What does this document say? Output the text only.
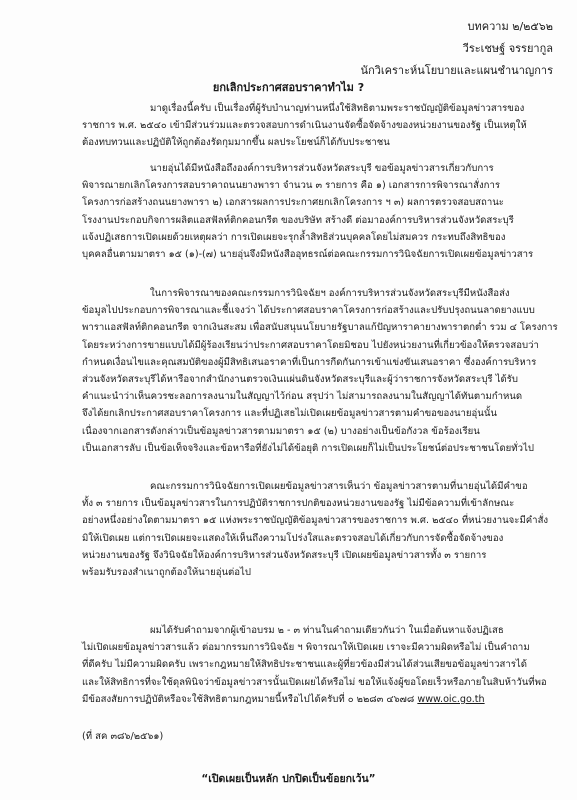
บทความ ๒/๒๕๖๒
วีระเชษฐ์ จรรยากูล
นักวิเคราะห์นโยบายและแผนชำนาญการ
ยกเลิกประกาศสอบราคาทำไม ?

มาดูเรื่องนี้ครับ เป็นเรื่องที่ผู้รับบำนาญท่านหนึ่งใช้สิทธิตามพระราชบัญญัติข้อมูลข่าวสารของ
ราชการ พ.ศ. ๒๕๔๐ เข้ามีส่วนร่วมและตรวจสอบการดำเนินงานจัดซื้อจัดจ้างของหน่วยงานของรัฐ เป็นเหตุให้
ต้องทบทวนและปฏิบัติให้ถูกต้องรัดกุมมากขึ้น ผลประโยชน์ก็ได้กับประชาชน

นายอุ่นได้มีหนังสือถึงองค์การบริหารส่วนจังหวัดสระบุรี ขอข้อมูลข่าวสารเกี่ยวกับการ
พิจารณายกเลิกโครงการสอบราคาถนนยางพารา จำนวน ๓ รายการ คือ ๑) เอกสารการพิจารณาสั่งการ
โครงการก่อสร้างถนนยางพารา ๒) เอกสารผลการประกาศยกเลิกโครงการ ฯ ๓) ผลการตรวจสอบสถานะ
โรงงานประกอบกิจการผลิตแอสฟัลท์ติกคอนกรีต ของบริษัท สร้างดี ต่อมาองค์การบริหารส่วนจังหวัดสระบุรี
แจ้งปฏิเสธการเปิดเผยด้วยเหตุผลว่า การเปิดเผยจะรุกล้ำสิทธิส่วนบุคคลโดยไม่สมควร กระทบถึงสิทธิของ
บุคคลอื่นตามมาตรา ๑๕ (๑)-(๗) นายอุ่นจึงมีหนังสืออุทธรณ์ต่อคณะกรรมการวินิจฉัยการเปิดเผยข้อมูลข่าวสาร

ในการพิจารณาของคณะกรรมการวินิจฉัยฯ องค์การบริหารส่วนจังหวัดสระบุรีมีหนังสือส่ง
ข้อมูลไปประกอบการพิจารณาและชี้แจงว่า ได้ประกาศสอบราคาโครงการก่อสร้างและปรับปรุงถนนลาดยางแบบ
พาราแอสฟัลท์ติกคอนกรีต จากเงินสะสม เพื่อสนับสนุนนโยบายรัฐบาลแก้ปัญหาราคายางพาราตกต่ำ รวม ๔ โครงการ
โดยระหว่างการขายแบบได้มีผู้ร้องเรียนว่าประกาศสอบราคาโดยมิชอบ ไปยังหน่วยงานที่เกี่ยวข้องให้ตรวจสอบว่า
กำหนดเงื่อนไขและคุณสมบัติของผู้มีสิทธิเสนอราคาที่เป็นการกีดกันการเข้าแข่งขันเสนอราคา ซึ่งองค์การบริหาร
ส่วนจังหวัดสระบุรีได้หารือจากสำนักงานตรวจเงินแผ่นดินจังหวัดสระบุรีและผู้ว่าราชการจังหวัดสระบุรี ได้รับ
คำแนะนำว่าเห็นควรชะลอการลงนามในสัญญาไว้ก่อน สรุปว่า ไม่สามารถลงนามในสัญญาได้ทันตามกำหนด
จึงได้ยกเลิกประกาศสอบราคาโครงการ และที่ปฏิเสธไม่เปิดเผยข้อมูลข่าวสารตามคำขอของนายอุ่นนั้น
เนื่องจากเอกสารดังกล่าวเป็นข้อมูลข่าวสารตามมาตรา ๑๕ (๒) บางอย่างเป็นข้อกังวล ข้อร้องเรียน
เป็นเอกสารลับ เป็นข้อเท็จจริงและข้อหารือที่ยังไม่ได้ข้อยุติ การเปิดเผยก็ไม่เป็นประโยชน์ต่อประชาชนโดยทั่วไป

คณะกรรมการวินิจฉัยการเปิดเผยข้อมูลข่าวสารเห็นว่า ข้อมูลข่าวสารตามที่นายอุ่นได้มีคำขอ
ทั้ง ๓ รายการ เป็นข้อมูลข่าวสารในการปฏิบัติราชการปกติของหน่วยงานของรัฐ ไม่มีข้อความที่เข้าลักษณะ
อย่างหนึ่งอย่างใดตามมาตรา ๑๕ แห่งพระราชบัญญัติข้อมูลข่าวสารของราชการ พ.ศ. ๒๕๔๐ ที่หน่วยงานจะมีคำสั่ง
มิให้เปิดเผย แต่การเปิดเผยจะแสดงให้เห็นถึงความโปร่งใสและตรวจสอบได้เกี่ยวกับการจัดซื้อจัดจ้างของ
หน่วยงานของรัฐ จึงวินิจฉัยให้องค์การบริหารส่วนจังหวัดสระบุรี เปิดเผยข้อมูลข่าวสารทั้ง ๓ รายการ
พร้อมรับรองสำเนาถูกต้องให้นายอุ่นต่อไป

ผมได้รับคำถามจากผู้เข้าอบรม ๒ - ๓ ท่านในคำถามเดียวกันว่า ในเมื่อต้นหาแจ้งปฏิเสธ
ไม่เปิดเผยข้อมูลข่าวสารแล้ว ต่อมากรรมการวินิจฉัย ฯ พิจารณาให้เปิดเผย เราจะมีความผิดหรือไม่ เป็นคำถาม
ที่ดีครับ ไม่มีความผิดครับ เพราะกฎหมายให้สิทธิประชาชนและผู้ที่ยวข้องมีส่วนได้ส่วนเสียขอข้อมูลข่าวสารได้
และให้สิทธิการที่จะใช้ดุลพินิจว่าข้อมูลข่าวสารนั้นเปิดเผยได้หรือไม่ ขอให้แจ้งผู้ขอโดยเร็วหรือภายในสิบห้าวันที่พอ
มีข้อสงสัยการปฏิบัติหรือจะใช้สิทธิตามกฎหมายนี้หรือไปได้ครับที่ ๐ ๒๒๘๓ ๔๖๗๘ www.oic.go.th

(ที่ สค ๓๘๖/๒๕๖๑)
“เปิดเผยเป็นหลัก ปกปิดเป็นข้อยกเว้น”
